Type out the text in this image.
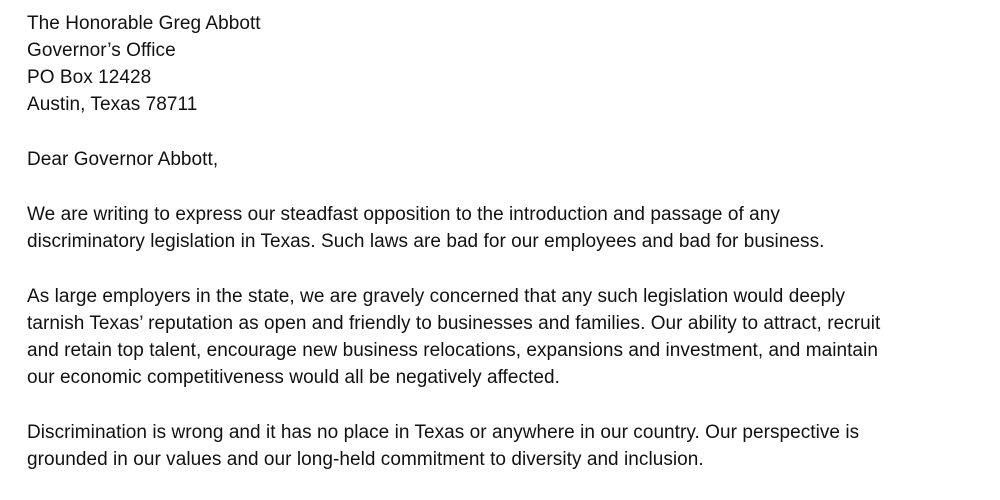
The Honorable Greg Abbott
Governor’s Office
PO Box 12428
Austin, Texas 78711
Dear Governor Abbott,
We are writing to express our steadfast opposition to the introduction and passage of any
discriminatory legislation in Texas. Such laws are bad for our employees and bad for business.
As large employers in the state, we are gravely concerned that any such legislation would deeply
tarnish Texas’ reputation as open and friendly to businesses and families. Our ability to attract, recruit
and retain top talent, encourage new business relocations, expansions and investment, and maintain
our economic competitiveness would all be negatively affected.
Discrimination is wrong and it has no place in Texas or anywhere in our country. Our perspective is
grounded in our values and our long-held commitment to diversity and inclusion.
